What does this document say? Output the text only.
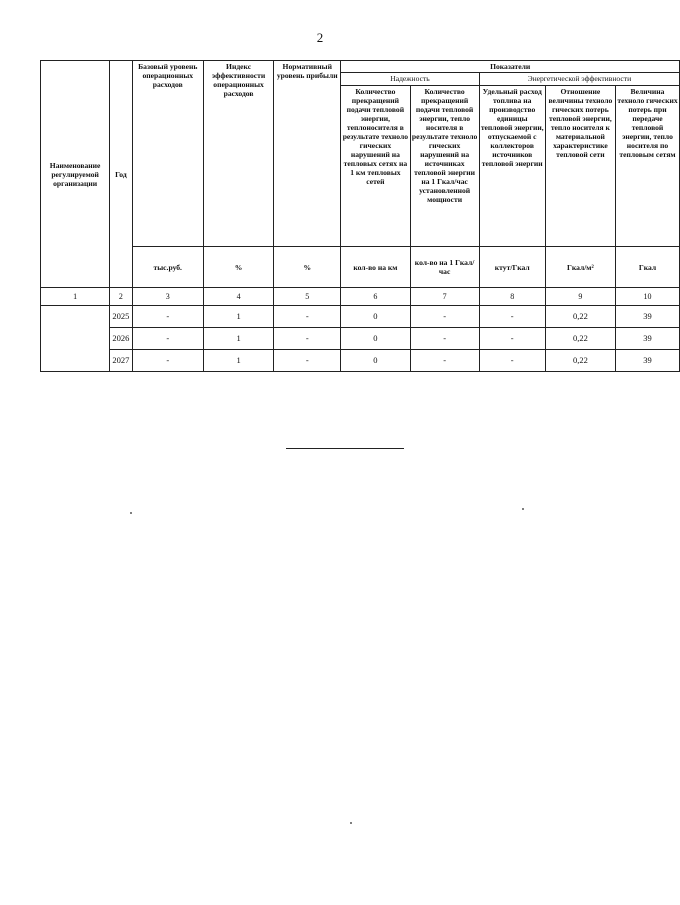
2
Наименование регулируемой организации	Год	Базовый уровень операционных расходов	Индекс эффективности операционных расходов	Нормативный уровень прибыли	Показатели				
					Надежность		Энергетической эффективности		
					Количество прекращений подачи тепловой энергии, теплоносителя в результате техноло гических нарушений на тепловых сетях на 1 км тепловых сетей	Количество прекращений подачи тепловой энергии, тепло носителя в результате техноло гических нарушений на источниках тепловой энергии на 1 Гкал/час установленной мощности	Удельный расход топлива на производство единицы тепловой энергии, отпускаемой с коллекторов источников тепловой энергии	Отношение величины техноло гических потерь тепловой энергии, тепло носителя к материальной характеристике тепловой сети	Величина техноло гических потерь при передаче тепловой энергии, тепло носителя по тепловым сетям
		тыс.руб.	%	%	кол-во на км	кол-во на 1 Гкал/час	ктут/Гкал	Гкал/м²	Гкал
1	2	3	4	5	6	7	8	9	10
	2025	-	1	-	0	-	-	0,22	39
	2026	-	1	-	0	-	-	0,22	39
	2027	-	1	-	0	-	-	0,22	39
